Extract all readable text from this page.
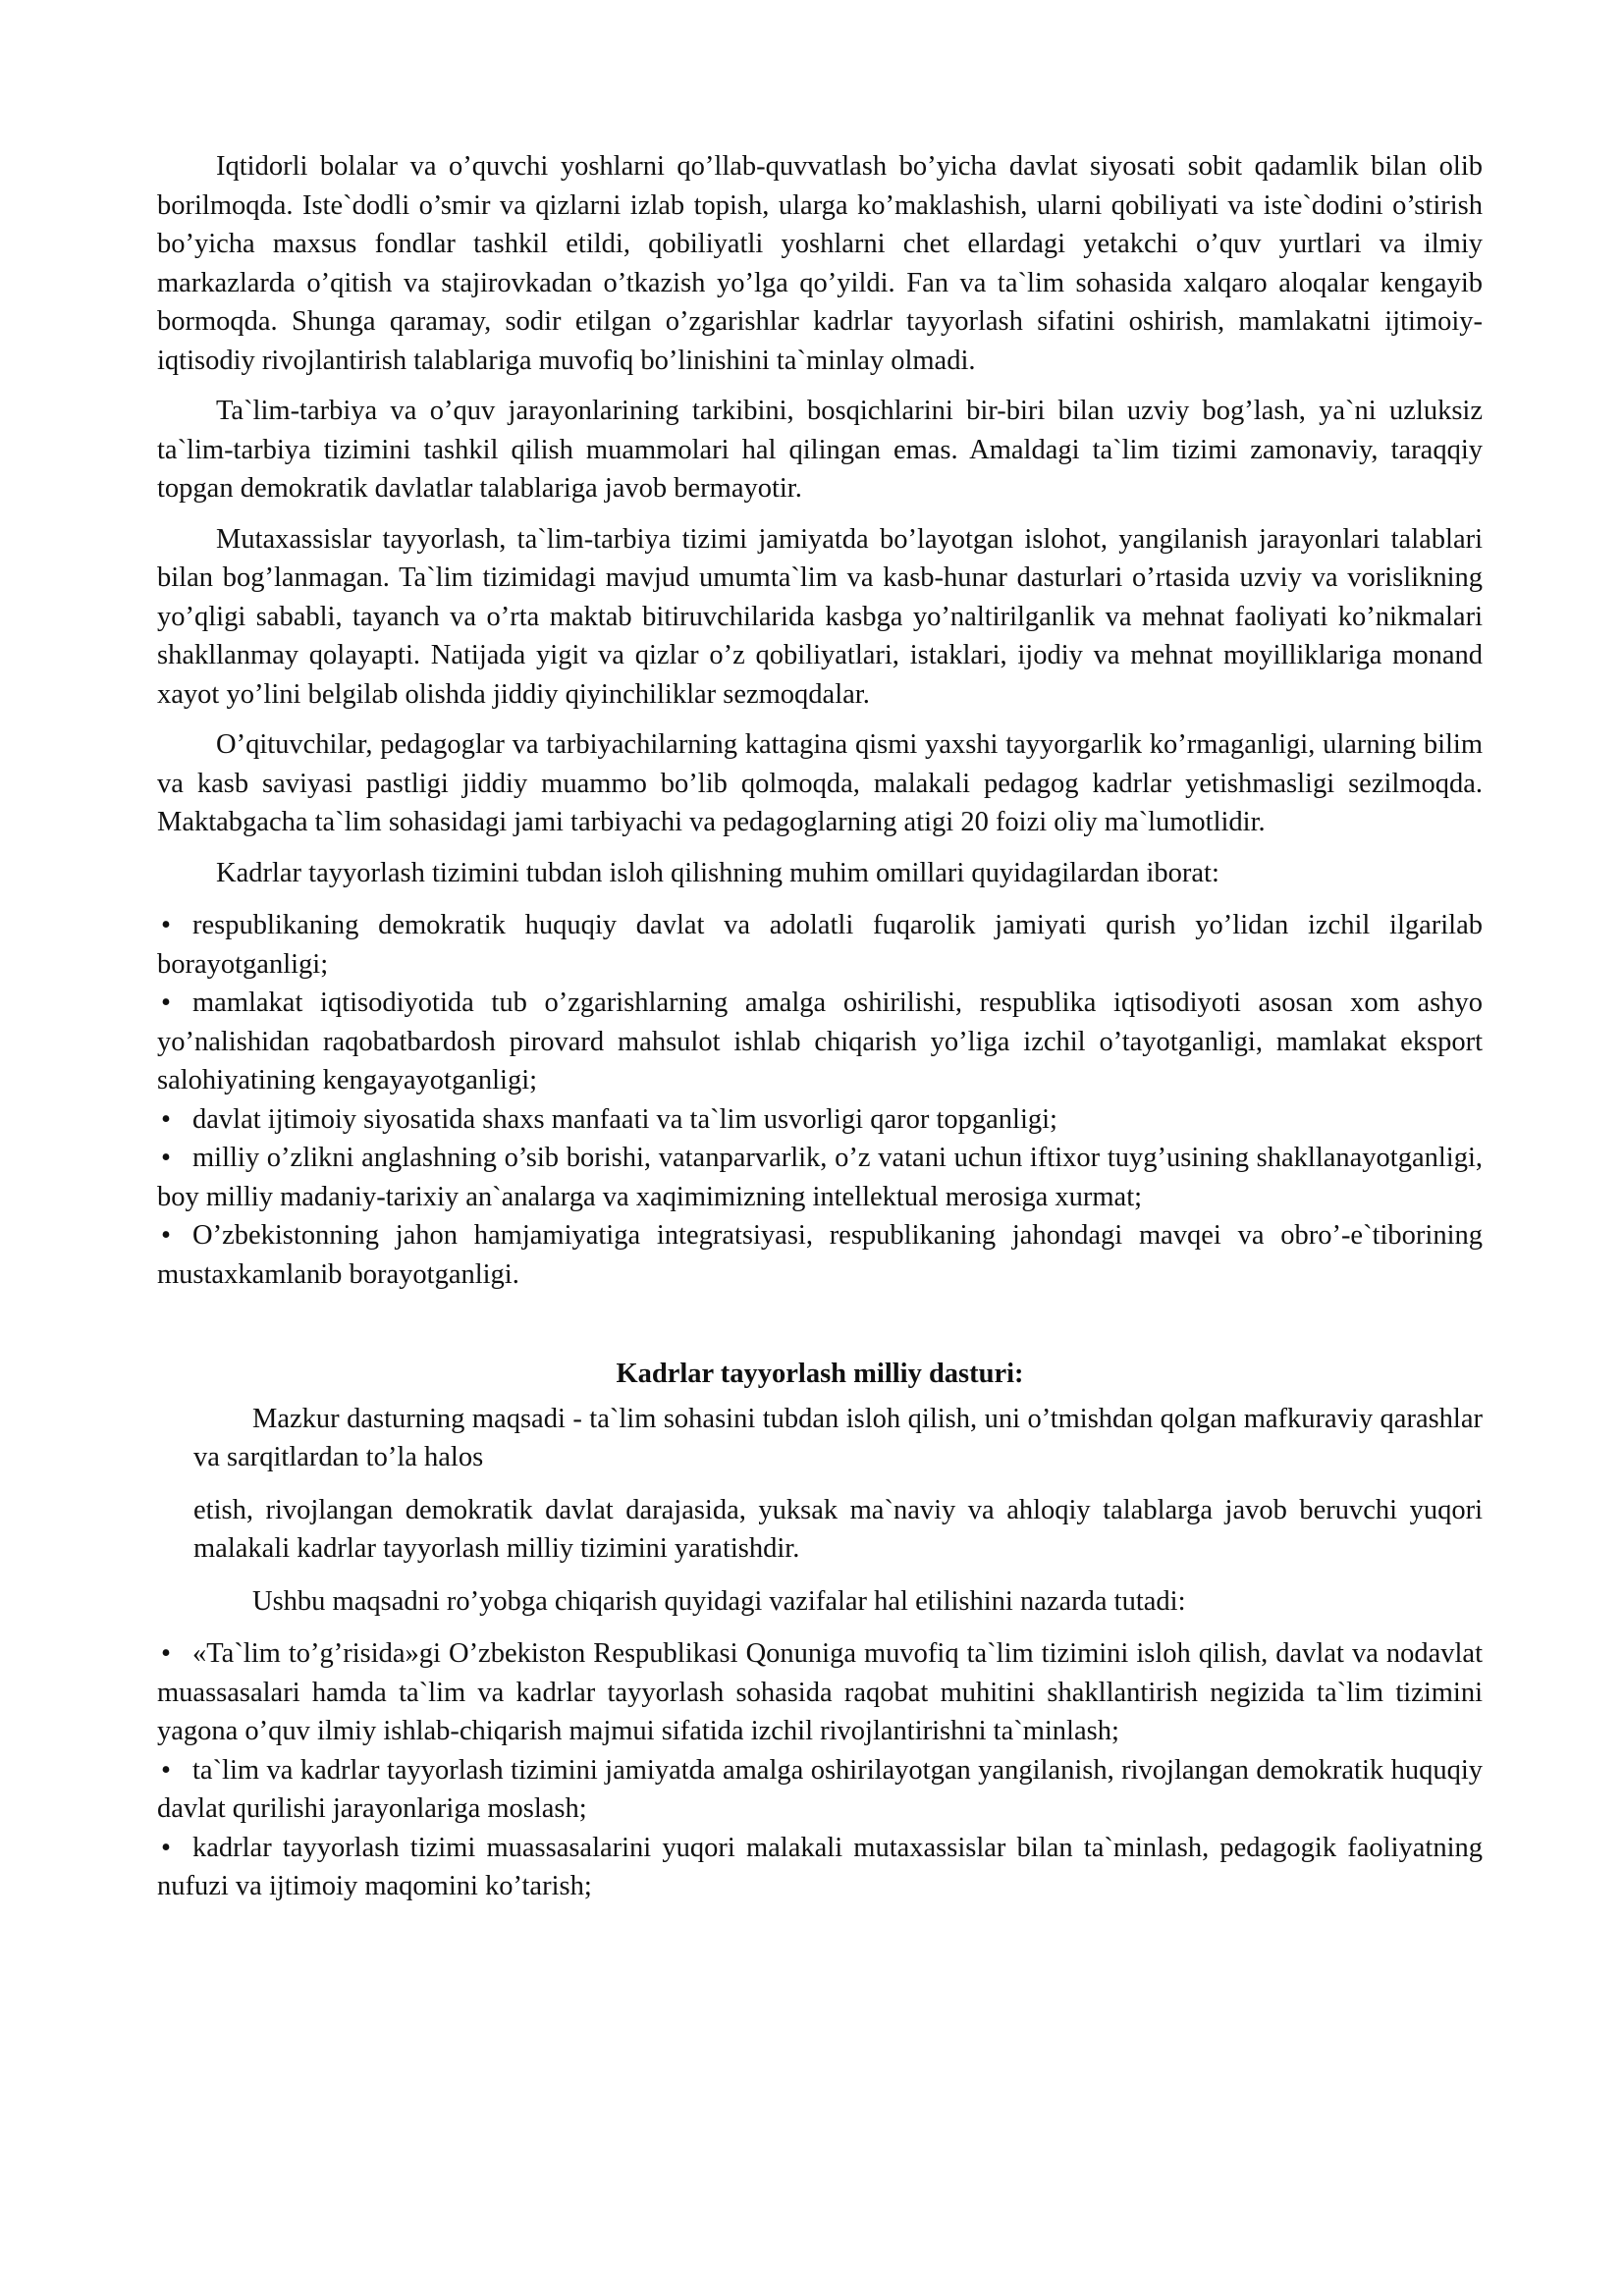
Iqtidorli bolalar va o’quvchi yoshlarni qo’llab-quvvatlash bo’yicha davlat siyosati sobit qadamlik bilan olib borilmoqda. Iste`dodli o’smir va qizlarni izlab topish, ularga ko’maklashish, ularni qobiliyati va iste`dodini o’stirish bo’yicha maxsus fondlar tashkil etildi, qobiliyatli yoshlarni chet ellardagi yetakchi o’quv yurtlari va ilmiy markazlarda o’qitish va stajirovkadan o’tkazish yo’lga qo’yildi. Fan va ta`lim sohasida xalqaro aloqalar kengayib bormoqda. Shunga qaramay, sodir etilgan o’zgarishlar kadrlar tayyorlash sifatini oshirish, mamlakatni ijtimoiy-iqtisodiy rivojlantirish talablariga muvofiq bo’linishini ta`minlay olmadi.

Ta`lim-tarbiya va o’quv jarayonlarining tarkibini, bosqichlarini bir-biri bilan uzviy bog’lash, ya`ni uzluksiz ta`lim-tarbiya tizimini tashkil qilish muammolari hal qilingan emas. Amaldagi ta`lim tizimi zamonaviy, taraqqiy topgan demokratik davlatlar talablariga javob bermayotir.

Mutaxassislar tayyorlash, ta`lim-tarbiya tizimi jamiyatda bo’layotgan islohot, yangilanish jarayonlari talablari bilan bog’lanmagan. Ta`lim tizimidagi mavjud umumta`lim va kasb-hunar dasturlari o’rtasida uzviy va vorislikning yo’qligi sababli, tayanch va o’rta maktab bitiruvchilarida kasbga yo’naltirilganlik va mehnat faoliyati ko’nikmalari shakllanmay qolayapti. Natijada yigit va qizlar o’z qobiliyatlari, istaklari, ijodiy va mehnat moyilliklariga monand xayot yo’lini belgilab olishda jiddiy qiyinchiliklar sezmoqdalar.

O’qituvchilar, pedagoglar va tarbiyachilarning kattagina qismi yaxshi tayyorgarlik ko’rmaganligi, ularning bilim va kasb saviyasi pastligi jiddiy muammo bo’lib qolmoqda, malakali pedagog kadrlar yetishmasligi sezilmoqda. Maktabgacha ta`lim sohasidagi jami tarbiyachi va pedagoglarning atigi 20 foizi oliy ma`lumotlidir.

Kadrlar tayyorlash tizimini tubdan isloh qilishning muhim omillari quyidagilardan iborat:

• respublikaning demokratik huquqiy davlat va adolatli fuqarolik jamiyati qurish yo’lidan izchil ilgarilab borayotganligi;
• mamlakat iqtisodiyotida tub o’zgarishlarning amalga oshirilishi, respublika iqtisodiyoti asosan xom ashyo yo’nalishidan raqobatbardosh pirovard mahsulot ishlab chiqarish yo’liga izchil o’tayotganligi, mamlakat eksport salohiyatining kengayayotganligi;
• davlat ijtimoiy siyosatida shaxs manfaati va ta`lim usvorligi qaror topganligi;
• milliy o’zlikni anglashning o’sib borishi, vatanparvarlik, o’z vatani uchun iftixor tuyg’usining shakllanayotganligi, boy milliy madaniy-tarixiy an`analarga va xaqimimizning intellektual merosiga xurmat;
• O’zbekistonning jahon hamjamiyatiga integratsiyasi, respublikaning jahondagi mavqei va obro’-e`tiborining mustaxkamlanib borayotganligi.
Kadrlar tayyorlash milliy dasturi:

Mazkur dasturning maqsadi - ta`lim sohasini tubdan isloh qilish, uni o’tmishdan qolgan mafkuraviy qarashlar va sarqitlardan to’la halos

etish, rivojlangan demokratik davlat darajasida, yuksak ma`naviy va ahloqiy talablarga javob beruvchi yuqori malakali kadrlar tayyorlash milliy tizimini yaratishdir.

Ushbu maqsadni ro’yobga chiqarish quyidagi vazifalar hal etilishini nazarda tutadi:

• «Ta`lim to’g’risida»gi O’zbekiston Respublikasi Qonuniga muvofiq ta`lim tizimini isloh qilish, davlat va nodavlat muassasalari hamda ta`lim va kadrlar tayyorlash sohasida raqobat muhitini shakllantirish negizida ta`lim tizimini yagona o’quv ilmiy ishlab-chiqarish majmui sifatida izchil rivojlantirishni ta`minlash;
• ta`lim va kadrlar tayyorlash tizimini jamiyatda amalga oshirilayotgan yangilanish, rivojlangan demokratik huquqiy davlat qurilishi jarayonlariga moslash;
• kadrlar tayyorlash tizimi muassasalarini yuqori malakali mutaxassislar bilan ta`minlash, pedagogik faoliyatning nufuzi va ijtimoiy maqomini ko’tarish;
